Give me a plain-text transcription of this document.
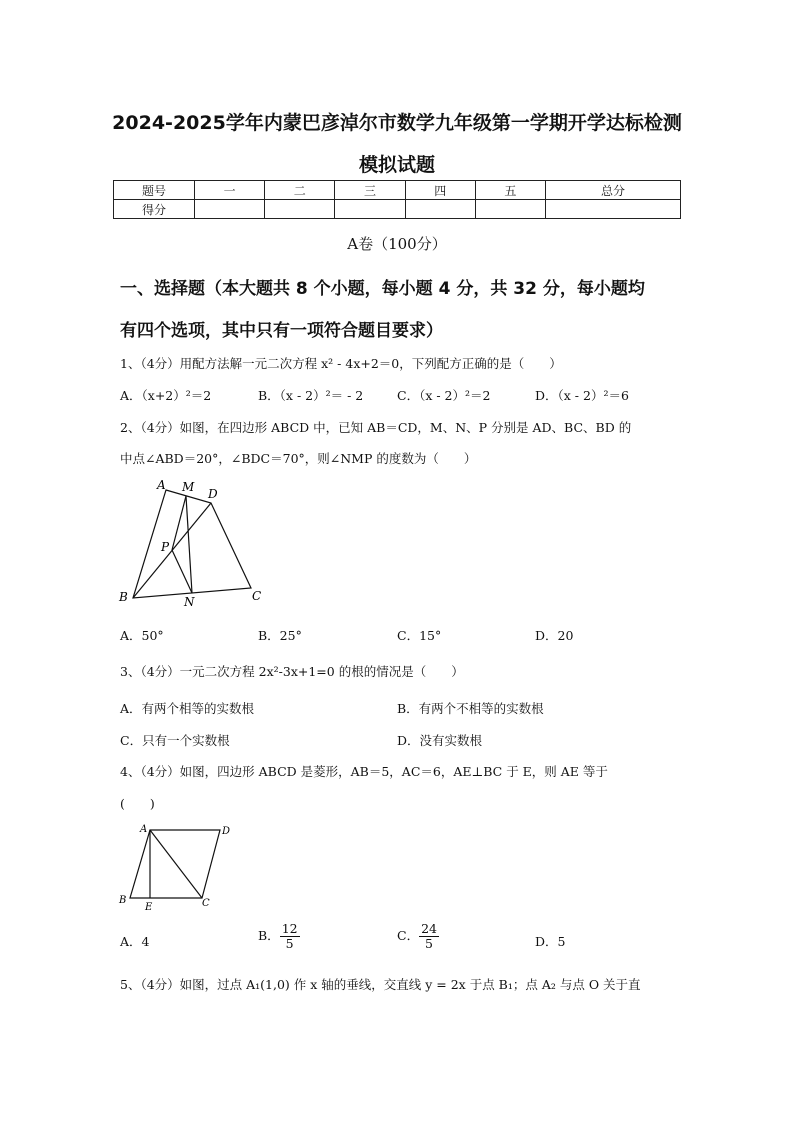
2024-2025学年内蒙巴彦淖尔市数学九年级第一学期开学达标检测
模拟试题
题号	一	二	三	四	五	总分
得分						
A卷（100分）
一、选择题（本大题共 8 个小题，每小题 4 分，共 32 分，每小题均
有四个选项，其中只有一项符合题目要求）
1、（4分）用配方法解一元二次方程 x² - 4x+2＝0，下列配方正确的是（　　）
A．（x+2）²＝2	B．（x - 2）²＝ - 2	C．（x - 2）²＝2	D．（x - 2）²＝6
2、（4分）如图，在四边形 ABCD 中，已知 AB＝CD，M、N、P 分别是 AD、BC、BD 的
中点∠ABD＝20°，∠BDC＝70°，则∠NMP 的度数为（　　）
A M D
P
B	N	C
A．50°	B．25°	C．15°	D．20
3、（4分）一元二次方程 2x²-3x+1=0 的根的情况是（　　）
A．有两个相等的实数根	B．有两个不相等的实数根
C．只有一个实数根	D．没有实数根
4、（4分）如图，四边形 ABCD 是菱形，AB＝5，AC＝6，AE⊥BC 于 E，则 AE 等于
(　　)
A	D
B
E	C
A．4	B． $\frac{12}{5}$	C． $\frac{24}{5}$	D．5
5、（4分）如图，过点 A₁(1,0) 作 x 轴的垂线，交直线 y = 2x 于点 B₁；点 A₂ 与点 O 关于直
